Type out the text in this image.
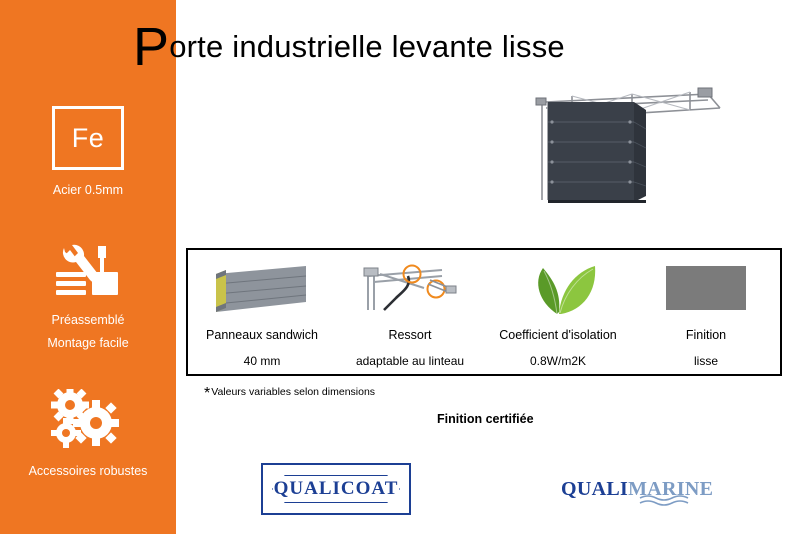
Fe
Acier 0.5mm
Préassemblé
Montage facile
Accessoires robustes
Porte industrielle levante lisse
Panneaux sandwich
40 mm
Ressort
adaptable au linteau
Coefficient d'isolation
0.8W/m2K
Finition
lisse
*Valeurs variables selon dimensions
Finition certifiée
QUALICOAT	QUALI MARINE
